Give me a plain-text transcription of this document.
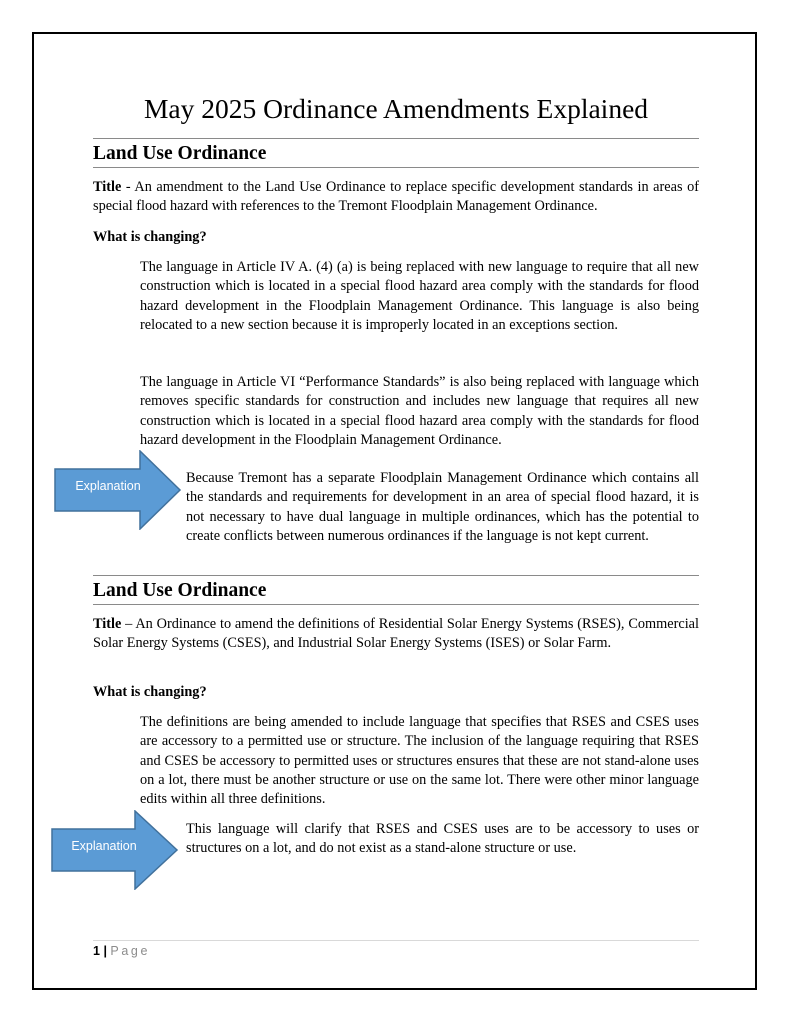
May 2025 Ordinance Amendments Explained
Land Use Ordinance
Title - An amendment to the Land Use Ordinance to replace specific development standards in areas of special flood hazard with references to the Tremont Floodplain Management Ordinance.
What is changing?
The language in Article IV A. (4) (a) is being replaced with new language to require that all new construction which is located in a special flood hazard area comply with the standards for flood hazard development in the Floodplain Management Ordinance. This language is also being relocated to a new section because it is improperly located in an exceptions section.
The language in Article VI “Performance Standards” is also being replaced with language which removes specific standards for construction and includes new language that requires all new construction which is located in a special flood hazard area comply with the standards for flood hazard development in the Floodplain Management Ordinance.
Explanation	Because Tremont has a separate Floodplain Management Ordinance which contains all the standards and requirements for development in an area of special flood hazard, it is not necessary to have dual language in multiple ordinances, which has the potential to create conflicts between numerous ordinances if the language is not kept current.
Land Use Ordinance
Title – An Ordinance to amend the definitions of Residential Solar Energy Systems (RSES), Commercial Solar Energy Systems (CSES), and Industrial Solar Energy Systems (ISES) or Solar Farm.
What is changing?
The definitions are being amended to include language that specifies that RSES and CSES uses are accessory to a permitted use or structure. The inclusion of the language requiring that RSES and CSES be accessory to permitted uses or structures ensures that these are not stand-alone uses on a lot, there must be another structure or use on the same lot. There were other minor language edits within all three definitions.
Explanation
This language will clarify that RSES and CSES uses are to be accessory to uses or structures on a lot, and do not exist as a stand-alone structure or use.
1 | Page
